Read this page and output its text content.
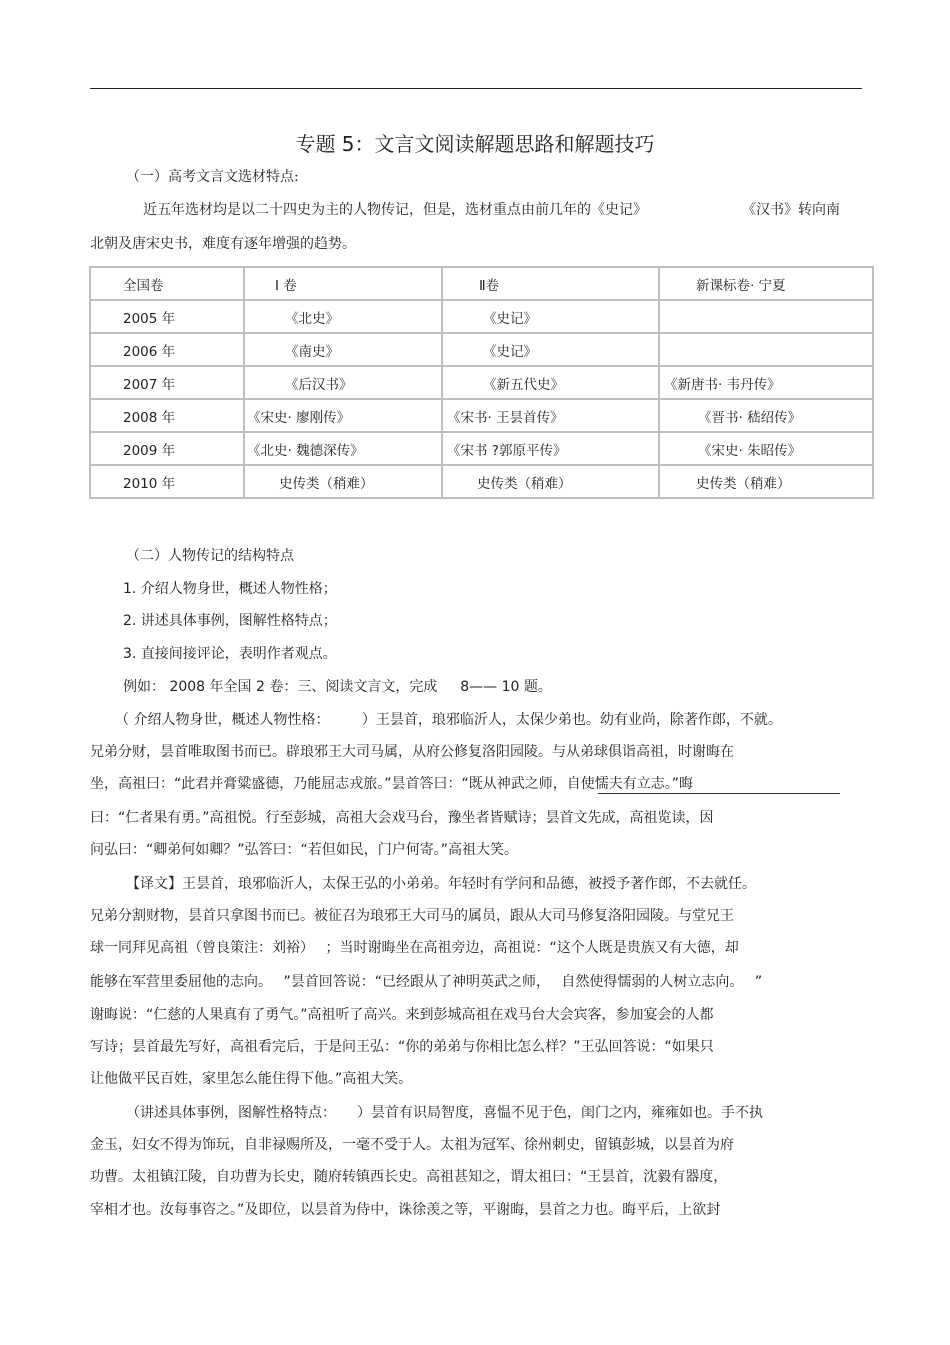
专题 5：文言文阅读解题思路和解题技巧
（一）高考文言文选材特点:
近五年选材均是以二十四史为主的人物传记，但是，选材重点由前几年的《史记》	《汉书》转向南
北朝及唐宋史书，难度有逐年增强的趋势。
全国卷	Ⅰ 卷	Ⅱ卷	新课标卷· 宁夏
2005 年	《北史》	《史记》	
2006 年	《南史》	《史记》	
2007 年	《后汉书》	《新五代史》	《新唐书· 韦丹传》
2008 年	《宋史· 廖刚传》	《宋书· 王昙首传》	《晋书· 嵇绍传》
2009 年	《北史· 魏德深传》	《宋书 ?郭原平传》	《宋史· 朱昭传》
2010 年	史传类（稍难）	史传类（稍难）	史传类（稍难）
（二）人物传记的结构特点
1. 介绍人物身世，概述人物性格；
2. 讲述具体事例，图解性格特点；
3. 直接间接评论，表明作者观点。
例如： 2008 年全国 2 卷：三、阅读文言文，完成 　 8—— 10 题。
（ 介绍人物身世，概述人物性格： 　　）王昙首，琅邪临沂人，太保少弟也。幼有业尚，除著作郎，不就。
兄弟分财，昙首唯取图书而已。辟琅邪王大司马属，从府公修复洛阳园陵。与从弟球俱诣高祖，时谢晦在
坐，高祖曰：“此君并膏粱盛德，乃能屈志戎旅。”昙首答曰：“既从神武之师，自使懦夫有立志。”晦
曰：“仁者果有勇。”高祖悦。行至彭城，高祖大会戏马台，豫坐者皆赋诗；昙首文先成，高祖览读，因
问弘曰：“卿弟何如卿？”弘答曰：“若但如民，门户何寄。”高祖大笑。
【译文】王昙首，琅邪临沂人，太保王弘的小弟弟。年轻时有学问和品德，被授予著作郎，不去就任。
兄弟分割财物，昙首只拿图书而已。被征召为琅邪王大司马的属员，跟从大司马修复洛阳园陵。与堂兄王
球一同拜见高祖（曾良策注：刘裕）　 ；当时谢晦坐在高祖旁边，高祖说：“这个人既是贵族又有大德，却
能够在军营里委屈他的志向。　 ”昙首回答说：“已经跟从了神明英武之师，　 自然使得懦弱的人树立志向。　 ”
谢晦说：“仁慈的人果真有了勇气。”高祖听了高兴。来到彭城高祖在戏马台大会宾客，参加宴会的人都
写诗；昙首最先写好，高祖看完后，于是问王弘：“你的弟弟与你相比怎么样？”王弘回答说：“如果只
让他做平民百姓，家里怎么能住得下他。”高祖大笑。
（讲述具体事例，图解性格特点：　　）昙首有识局智度，喜愠不见于色，闺门之内，雍雍如也。手不执
金玉，妇女不得为饰玩，自非禄赐所及，一毫不受于人。太祖为冠军、徐州刺史，留镇彭城，以昙首为府
功曹。太祖镇江陵，自功曹为长史，随府转镇西长史。高祖甚知之，谓太祖曰：“王昙首，沈毅有器度，
宰相才也。汝每事咨之。”及即位，以昙首为侍中，诛徐羡之等，平谢晦，昙首之力也。晦平后，上欲封
